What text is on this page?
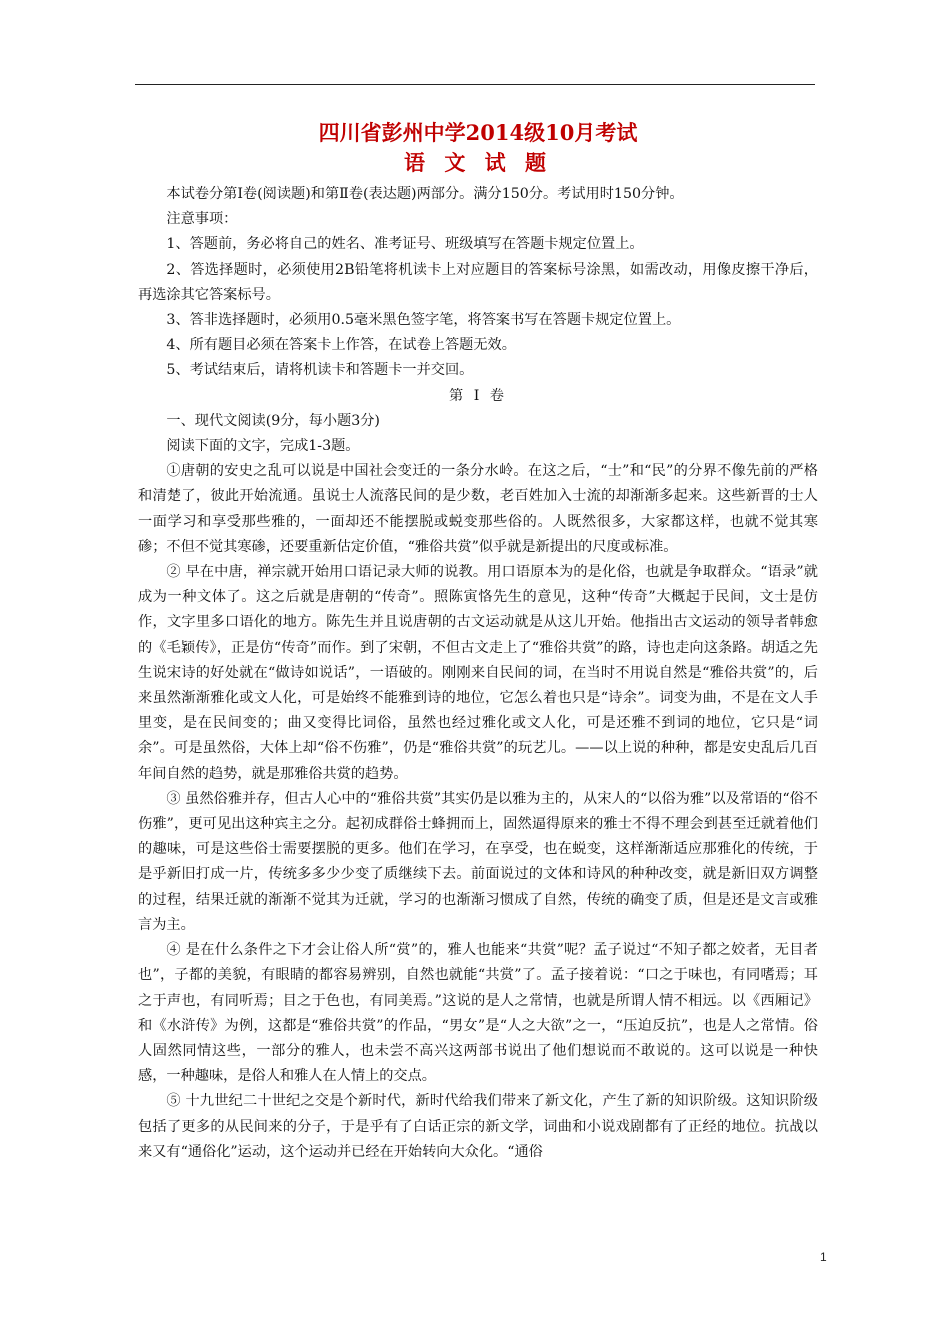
四川省彭州中学2014级10月考试
语 文 试 题

本试卷分第Ⅰ卷(阅读题)和第Ⅱ卷(表达题)两部分。满分150分。考试用时150分钟。

注意事项：

1、答题前，务必将自己的姓名、准考证号、班级填写在答题卡规定位置上。

2、答选择题时，必须使用2B铅笔将机读卡上对应题目的答案标号涂黑，如需改动，用像皮擦干净后，再选涂其它答案标号。

3、答非选择题时，必须用0.5毫米黑色签字笔，将答案书写在答题卡规定位置上。

4、所有题目必须在答案卡上作答，在试卷上答题无效。

5、考试结束后，请将机读卡和答题卡一并交回。

第 Ⅰ 卷

一、现代文阅读(9分，每小题3分)

阅读下面的文字，完成1-3题。

①唐朝的安史之乱可以说是中国社会变迁的一条分水岭。在这之后，“士”和“民”的分界不像先前的严格和清楚了，彼此开始流通。虽说士人流落民间的是少数，老百姓加入士流的却渐渐多起来。这些新晋的士人一面学习和享受那些雅的，一面却还不能摆脱或蜕变那些俗的。人既然很多，大家都这样，也就不觉其寒碜；不但不觉其寒碜，还要重新估定价值，“雅俗共赏”似乎就是新提出的尺度或标准。

② 早在中唐，禅宗就开始用口语记录大师的说教。用口语原本为的是化俗，也就是争取群众。“语录”就成为一种文体了。这之后就是唐朝的“传奇”。照陈寅恪先生的意见，这种“传奇”大概起于民间，文士是仿作，文字里多口语化的地方。陈先生并且说唐朝的古文运动就是从这儿开始。他指出古文运动的领导者韩愈的《毛颖传》，正是仿“传奇”而作。到了宋朝，不但古文走上了“雅俗共赏”的路，诗也走向这条路。胡适之先生说宋诗的好处就在“做诗如说话”，一语破的。刚刚来自民间的词，在当时不用说自然是“雅俗共赏”的，后来虽然渐渐雅化或文人化，可是始终不能雅到诗的地位，它怎么着也只是“诗余”。词变为曲，不是在文人手里变，是在民间变的；曲又变得比词俗，虽然也经过雅化或文人化，可是还雅不到词的地位，它只是“词余”。可是虽然俗，大体上却“俗不伤雅”，仍是“雅俗共赏”的玩艺儿。——以上说的种种，都是安史乱后几百年间自然的趋势，就是那雅俗共赏的趋势。

③ 虽然俗雅并存，但古人心中的“雅俗共赏”其实仍是以雅为主的，从宋人的“以俗为雅”以及常语的“俗不伤雅”，更可见出这种宾主之分。起初成群俗士蜂拥而上，固然逼得原来的雅士不得不理会到甚至迁就着他们的趣味，可是这些俗士需要摆脱的更多。他们在学习，在享受，也在蜕变，这样渐渐适应那雅化的传统，于是乎新旧打成一片，传统多多少少变了质继续下去。前面说过的文体和诗风的种种改变，就是新旧双方调整的过程，结果迁就的渐渐不觉其为迁就，学习的也渐渐习惯成了自然，传统的确变了质，但是还是文言或雅言为主。

④ 是在什么条件之下才会让俗人所“赏”的，雅人也能来“共赏”呢？孟子说过“不知子都之姣者，无目者也”，子都的美貌，有眼睛的都容易辨别，自然也就能“共赏”了。孟子接着说：“口之于味也，有同嗜焉；耳之于声也，有同听焉；目之于色也，有同美焉。”这说的是人之常情，也就是所谓人情不相远。以《西厢记》和《水浒传》为例，这都是“雅俗共赏”的作品，“男女”是“人之大欲”之一，“压迫反抗”，也是人之常情。俗人固然同情这些，一部分的雅人，也未尝不高兴这两部书说出了他们想说而不敢说的。这可以说是一种快感，一种趣味，是俗人和雅人在人情上的交点。

⑤ 十九世纪二十世纪之交是个新时代，新时代给我们带来了新文化，产生了新的知识阶级。这知识阶级包括了更多的从民间来的分子，于是乎有了白话正宗的新文学，词曲和小说戏剧都有了正经的地位。抗战以来又有“通俗化”运动，这个运动并已经在开始转向大众化。“通俗

1
